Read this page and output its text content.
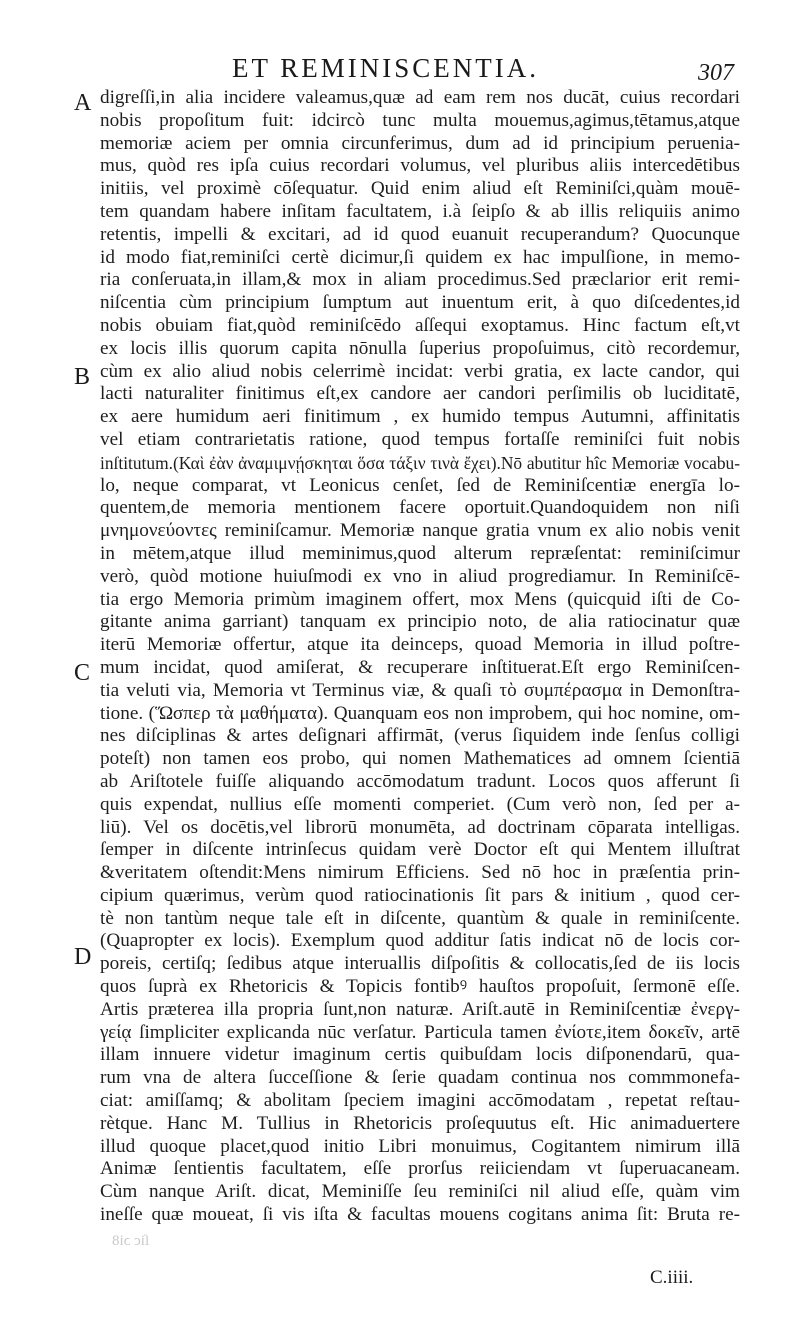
ET REMINISCENTIA.	307
A
B
C
D
digreſſi,in alia incidere valeamus,quæ ad eam rem nos ducāt, cuius recordari
nobis propoſitum fuit: idcircò tunc multa mouemus,agimus,tētamus,atque
memoriæ aciem per omnia circunferimus, dum ad id principium peruenia-
mus, quòd res ipſa cuius recordari volumus, vel pluribus aliis intercedētibus
initiis, vel proximè cōſequatur. Quid enim aliud eſt Reminiſci,quàm mouē-
tem quandam habere inſitam facultatem, i.à ſeipſo & ab illis reliquiis animo
retentis, impelli & excitari, ad id quod euanuit recuperandum? Quocunque
id modo fiat,reminiſci certè dicimur,ſi quidem ex hac impulſione, in memo-
ria conſeruata,in illam,& mox in aliam procedimus.Sed præclarior erit remi-
niſcentia cùm principium ſumptum aut inuentum erit, à quo diſcedentes,id
nobis obuiam fiat,quòd reminiſcēdo aſſequi exoptamus. Hinc factum eſt,vt
ex locis illis quorum capita nōnulla ſuperius propoſuimus, citò recordemur,
cùm ex alio aliud nobis celerrimè incidat: verbi gratia, ex lacte candor, qui
lacti naturaliter finitimus eſt,ex candore aer candori perſimilis ob luciditatē,
ex aere humidum aeri finitimum , ex humido tempus Autumni, affinitatis
vel etiam contrarietatis ratione, quod tempus fortaſſe reminiſci fuit nobis
inſtitutum.(Καὶ ἐὰν ἀναμιμνῄσκηται ὅσα τάξιν τινὰ ἔχει).Nō abutitur hîc Memoriæ vocabu-
lo, neque comparat, vt Leonicus cenſet, ſed de Reminiſcentiæ energīa lo-
quentem,de memoria mentionem facere oportuit.Quandoquidem non niſi
μνημονεύοντες reminiſcamur. Memoriæ nanque gratia vnum ex alio nobis venit
in mētem,atque illud meminimus,quod alterum repræſentat: reminiſcimur
verò, quòd motione huiuſmodi ex vno in aliud progrediamur. In Reminiſcē-
tia ergo Memoria primùm imaginem offert, mox Mens (quicquid iſti de Co-
gitante anima garriant) tanquam ex principio noto, de alia ratiocinatur quæ
iterū Memoriæ offertur, atque ita deinceps, quoad Memoria in illud poſtre-
mum incidat, quod amiſerat, & recuperare inſtituerat.Eſt ergo Reminiſcen-
tia veluti via, Memoria vt Terminus viæ, & quaſi τὸ συμπέρασμα in Demonſtra-
tione. (Ὥσπερ τὰ μαθήματα). Quanquam eos non improbem, qui hoc nomine, om-
nes diſciplinas & artes deſignari affirmāt, (verus ſiquidem inde ſenſus colligi
poteſt) non tamen eos probo, qui nomen Mathematices ad omnem ſcientiā
ab Ariſtotele fuiſſe aliquando accōmodatum tradunt. Locos quos afferunt ſi
quis expendat, nullius eſſe momenti comperiet. (Cum verò non, ſed per a-
liū). Vel os docētis,vel librorū monumēta, ad doctrinam cōparata intelligas.
ſemper in diſcente intrinſecus quidam verè Doctor eſt qui Mentem illuſtrat
&veritatem oſtendit:Mens nimirum Efficiens. Sed nō hoc in præſentia prin-
cipium quærimus, verùm quod ratiocinationis ſit pars & initium , quod cer-
tè non tantùm neque tale eſt in diſcente, quantùm & quale in reminiſcente.
(Quapropter ex locis). Exemplum quod additur ſatis indicat nō de locis cor-
poreis, certiſq; ſedibus atque interuallis diſpoſitis & collocatis,ſed de iis locis
quos ſuprà ex Rhetoricis & Topicis fontibꝰ hauſtos propoſuit, ſermonē eſſe.
Artis præterea illa propria ſunt,non naturæ. Ariſt.autē in Reminiſcentiæ ἐνεργ-
γείᾳ ſimpliciter explicanda nūc verſatur. Particula tamen ἐνίοτε,item δοκεῖν, artē
illam innuere videtur imaginum certis quibuſdam locis diſponendarū, qua-
rum vna de altera ſucceſſione & ſerie quadam continua nos commmonefa-
ciat: amiſſamq; & abolitam ſpeciem imagini accōmodatam , repetat reſtau-
rètque. Hanc M. Tullius in Rhetoricis proſequutus eſt. Hic animaduertere
illud quoque placet,quod initio Libri monuimus, Cogitantem nimirum illā
Animæ ſentientis facultatem, eſſe prorſus reiiciendam vt ſuperuacaneam.
Cùm nanque Ariſt. dicat, Meminiſſe ſeu reminiſci nil aliud eſſe, quàm vim
ineſſe quæ moueat, ſi vis iſta & facultas mouens cogitans anima ſit: Bruta re-
ſic ɔi8
C.iiii.
